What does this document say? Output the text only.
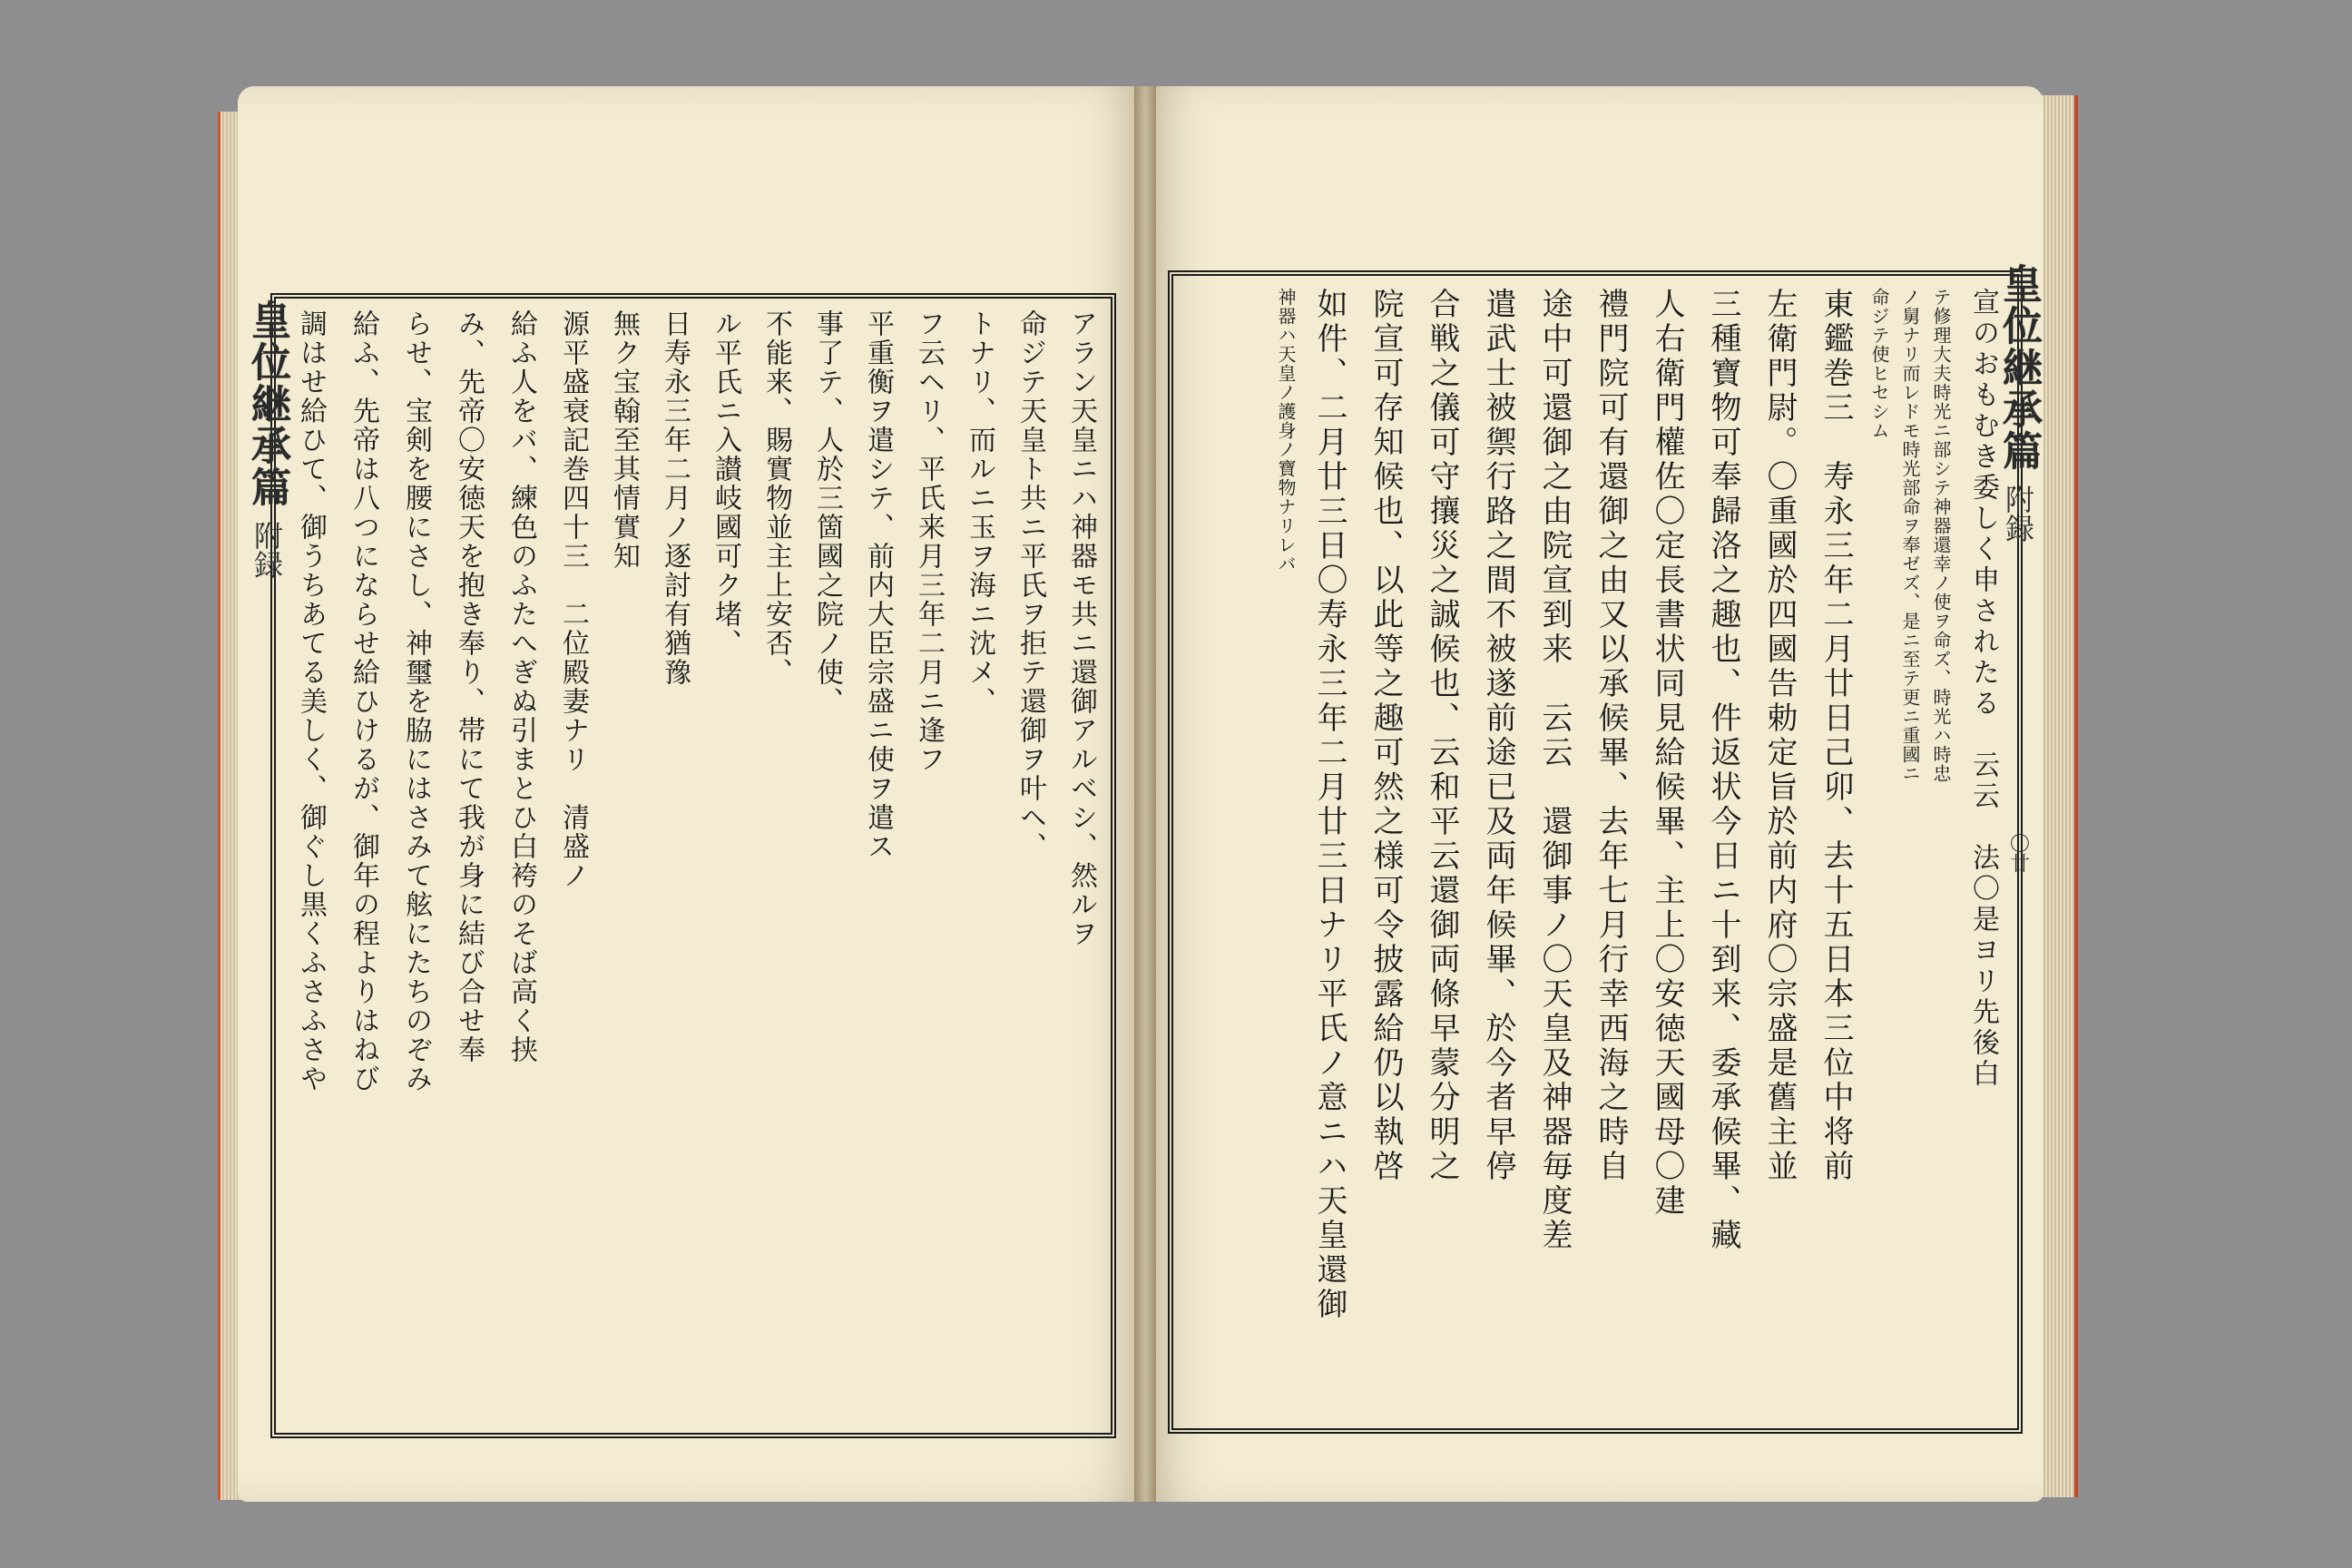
皇位継承篇
附録	アラン天皇ニハ神器モ共ニ還御アルベシ、然ルヲ
命ジテ天皇ト共ニ平氏ヲ拒テ還御ヲ叶ヘ、
トナリ、而ルニ玉ヲ海ニ沈メ、
フ云ヘリ、平氏来月三年二月ニ逢フ
平重衡ヲ遣シテ、前内大臣宗盛ニ使ヲ遣ス
事了テ、人於三箇國之院ノ使、
不能来、賜實物並主上安否、
ル平氏ニ入讃岐國可ク堵、
日寿永三年二月ノ逐討有猶豫
無ク宝翰至其情實知
源平盛衰記巻四十三　二位殿妻ナリ　清盛ノ
給ふ人をバ、練色のふたへぎぬ引まとひ白袴のそば高く挟
み、先帝〇安徳天を抱き奉り、帯にて我が身に結び合せ奉
らせ、宝剣を腰にさし、神璽を脇にはさみて舷にたちのぞみ
給ふ、先帝は八つにならせ給ひけるが、御年の程よりはねび
調はせ給ひて、御うちあてる美しく、御ぐし黒くふさふさや	皇位継承篇
附録
〇廿
宣のおもむき委しく申されたる　云云　法〇是ヨリ先後白
テ修理大夫時光ニ部シテ神器還幸ノ使ヲ命ズ、時光ハ時忠
ノ舅ナリ而レドモ時光部命ヲ奉ゼズ、是ニ至テ更ニ重國ニ
命ジテ使ヒセシム
東鑑巻三　寿永三年二月廿日己卯、去十五日本三位中将前
左衛門尉。〇重國於四國告勅定旨於前内府〇宗盛是舊主並
三種寶物可奉歸洛之趣也、件返状今日ニ十到来、委承候畢、藏
人右衛門權佐〇定長書状同見給候畢、主上〇安徳天國母〇建
禮門院可有還御之由又以承候畢、去年七月行幸西海之時自
途中可還御之由院宣到来　云云　還御事ノ〇天皇及神器毎度差
遣武士被禦行路之間不被遂前途已及両年候畢、於今者早停
合戦之儀可守攘災之誠候也、云和平云還御両條早蒙分明之
院宣可存知候也、以此等之趣可然之様可令披露給仍以執啓
如件、二月廿三日〇寿永三年二月廿三日ナリ平氏ノ意ニハ天皇還御
神器ハ天皇ノ護身ノ寶物ナリレバ
